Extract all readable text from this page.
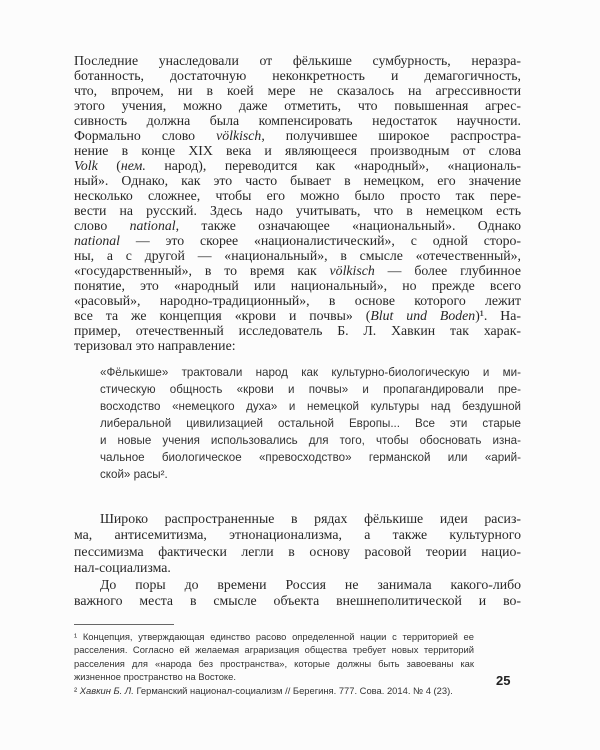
Последние унаследовали от фёлькише сумбурность, неразра-
ботанность, достаточную неконкретность и демагогичность,
что, впрочем, ни в коей мере не сказалось на агрессивности
этого учения, можно даже отметить, что повышенная агрес-
сивность должна была компенсировать недостаток научности.
Формально слово völkisch, получившее широкое распростра-
нение в конце XIX века и являющееся производным от слова
Volk (нем. народ), переводится как «народный», «националь-
ный». Однако, как это часто бывает в немецком, его значение
несколько сложнее, чтобы его можно было просто так пере-
вести на русский. Здесь надо учитывать, что в немецком есть
слово national, также означающее «национальный». Однако
national — это скорее «националистический», с одной сторо-
ны, а с другой — «национальный», в смысле «отечественный»,
«государственный», в то время как völkisch — более глубинное
понятие, это «народный или национальный», но прежде всего
«расовый», народно-традиционный», в основе которого лежит
все та же концепция «крови и почвы» (Blut und Boden)¹. На-
пример, отечественный исследователь Б. Л. Хавкин так харак-
теризовал это направление:
«Фёлькише» трактовали народ как культурно-биологическую и ми-
стическую общность «крови и почвы» и пропагандировали пре-
восходство «немецкого духа» и немецкой культуры над бездушной
либеральной цивилизацией остальной Европы... Все эти старые
и новые учения использовались для того, чтобы обосновать изна-
чальное биологическое «превосходство» германской или «арий-
ской» расы².
Широко распространенные в рядах фёлькише идеи расиз-
ма, антисемитизма, этнонационализма, а также культурного
пессимизма фактически легли в основу расовой теории нацио-
нал-социализма.
До поры до времени Россия не занимала какого-либо
важного места в смысле объекта внешнеполитической и во-
¹ Концепция, утверждающая единство расово определенной нации с территорией ее
расселения. Согласно ей желаемая аграризация общества требует новых территорий
расселения для «народа без пространства», которые должны быть завоеваны как
жизненное пространство на Востоке.
² Хавкин Б. Л. Германский национал-социализм // Берегиня. 777. Сова. 2014. № 4 (23).
25
